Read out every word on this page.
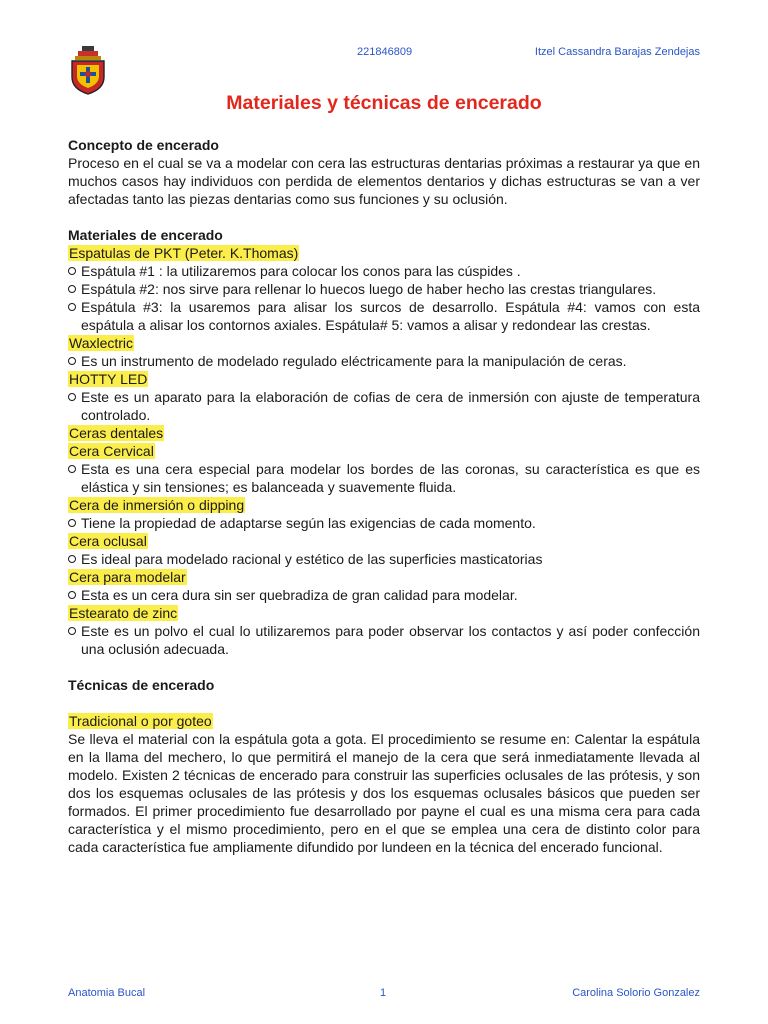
221846809	Itzel Cassandra Barajas Zendejas
Materiales y técnicas de encerado

Concepto de encerado

Proceso en el cual se va a modelar con cera las estructuras dentarias próximas a restaurar ya que en muchos casos hay individuos con perdida de elementos dentarios y dichas estructuras se van a ver afectadas tanto las piezas dentarias como sus funciones y su oclusión.

Materiales de encerado

Espatulas de PKT (Peter. K.Thomas)
Espátula #1 : la utilizaremos para colocar los conos para las cúspides .
Espátula #2: nos sirve para rellenar lo huecos luego de haber hecho las crestas triangulares.
Espátula #3: la usaremos para alisar los surcos de desarrollo. Espátula #4: vamos con esta espátula a alisar los contornos axiales. Espátula# 5: vamos a alisar y redondear las crestas.
Waxlectric
Es un instrumento de modelado regulado eléctricamente para la manipulación de ceras.
HOTTY LED
Este es un aparato para la elaboración de cofias de cera de inmersión con ajuste de temperatura controlado.
Ceras dentales
Cera Cervical
Esta es una cera especial para modelar los bordes de las coronas, su característica es que es elástica y sin tensiones; es balanceada y suavemente fluida.
Cera de inmersión o dipping
Tiene la propiedad de adaptarse según las exigencias de cada momento.
Cera oclusal
Es ideal para modelado racional y estético de las superficies masticatorias
Cera para modelar
Esta es un cera dura sin ser quebradiza de gran calidad para modelar.
Estearato de zinc
Este es un polvo el cual lo utilizaremos para poder observar los contactos y así poder confección una oclusión adecuada.

Técnicas de encerado

Tradicional o por goteo

Se lleva el material con la espátula gota a gota. El procedimiento se resume en: Calentar la espátula en la llama del mechero, lo que permitirá el manejo de la cera que será inmediatamente llevada al modelo. Existen 2 técnicas de encerado para construir las superficies oclusales de las prótesis, y son dos los esquemas oclusales de las prótesis y dos los esquemas oclusales básicos que pueden ser formados. El primer procedimiento fue desarrollado por payne el cual es una misma cera para cada característica y el mismo procedimiento, pero en el que se emplea una cera de distinto color para cada característica fue ampliamente difundido por lundeen en la técnica del encerado funcional.

Anatomia Bucal	1	Carolina Solorio Gonzalez
